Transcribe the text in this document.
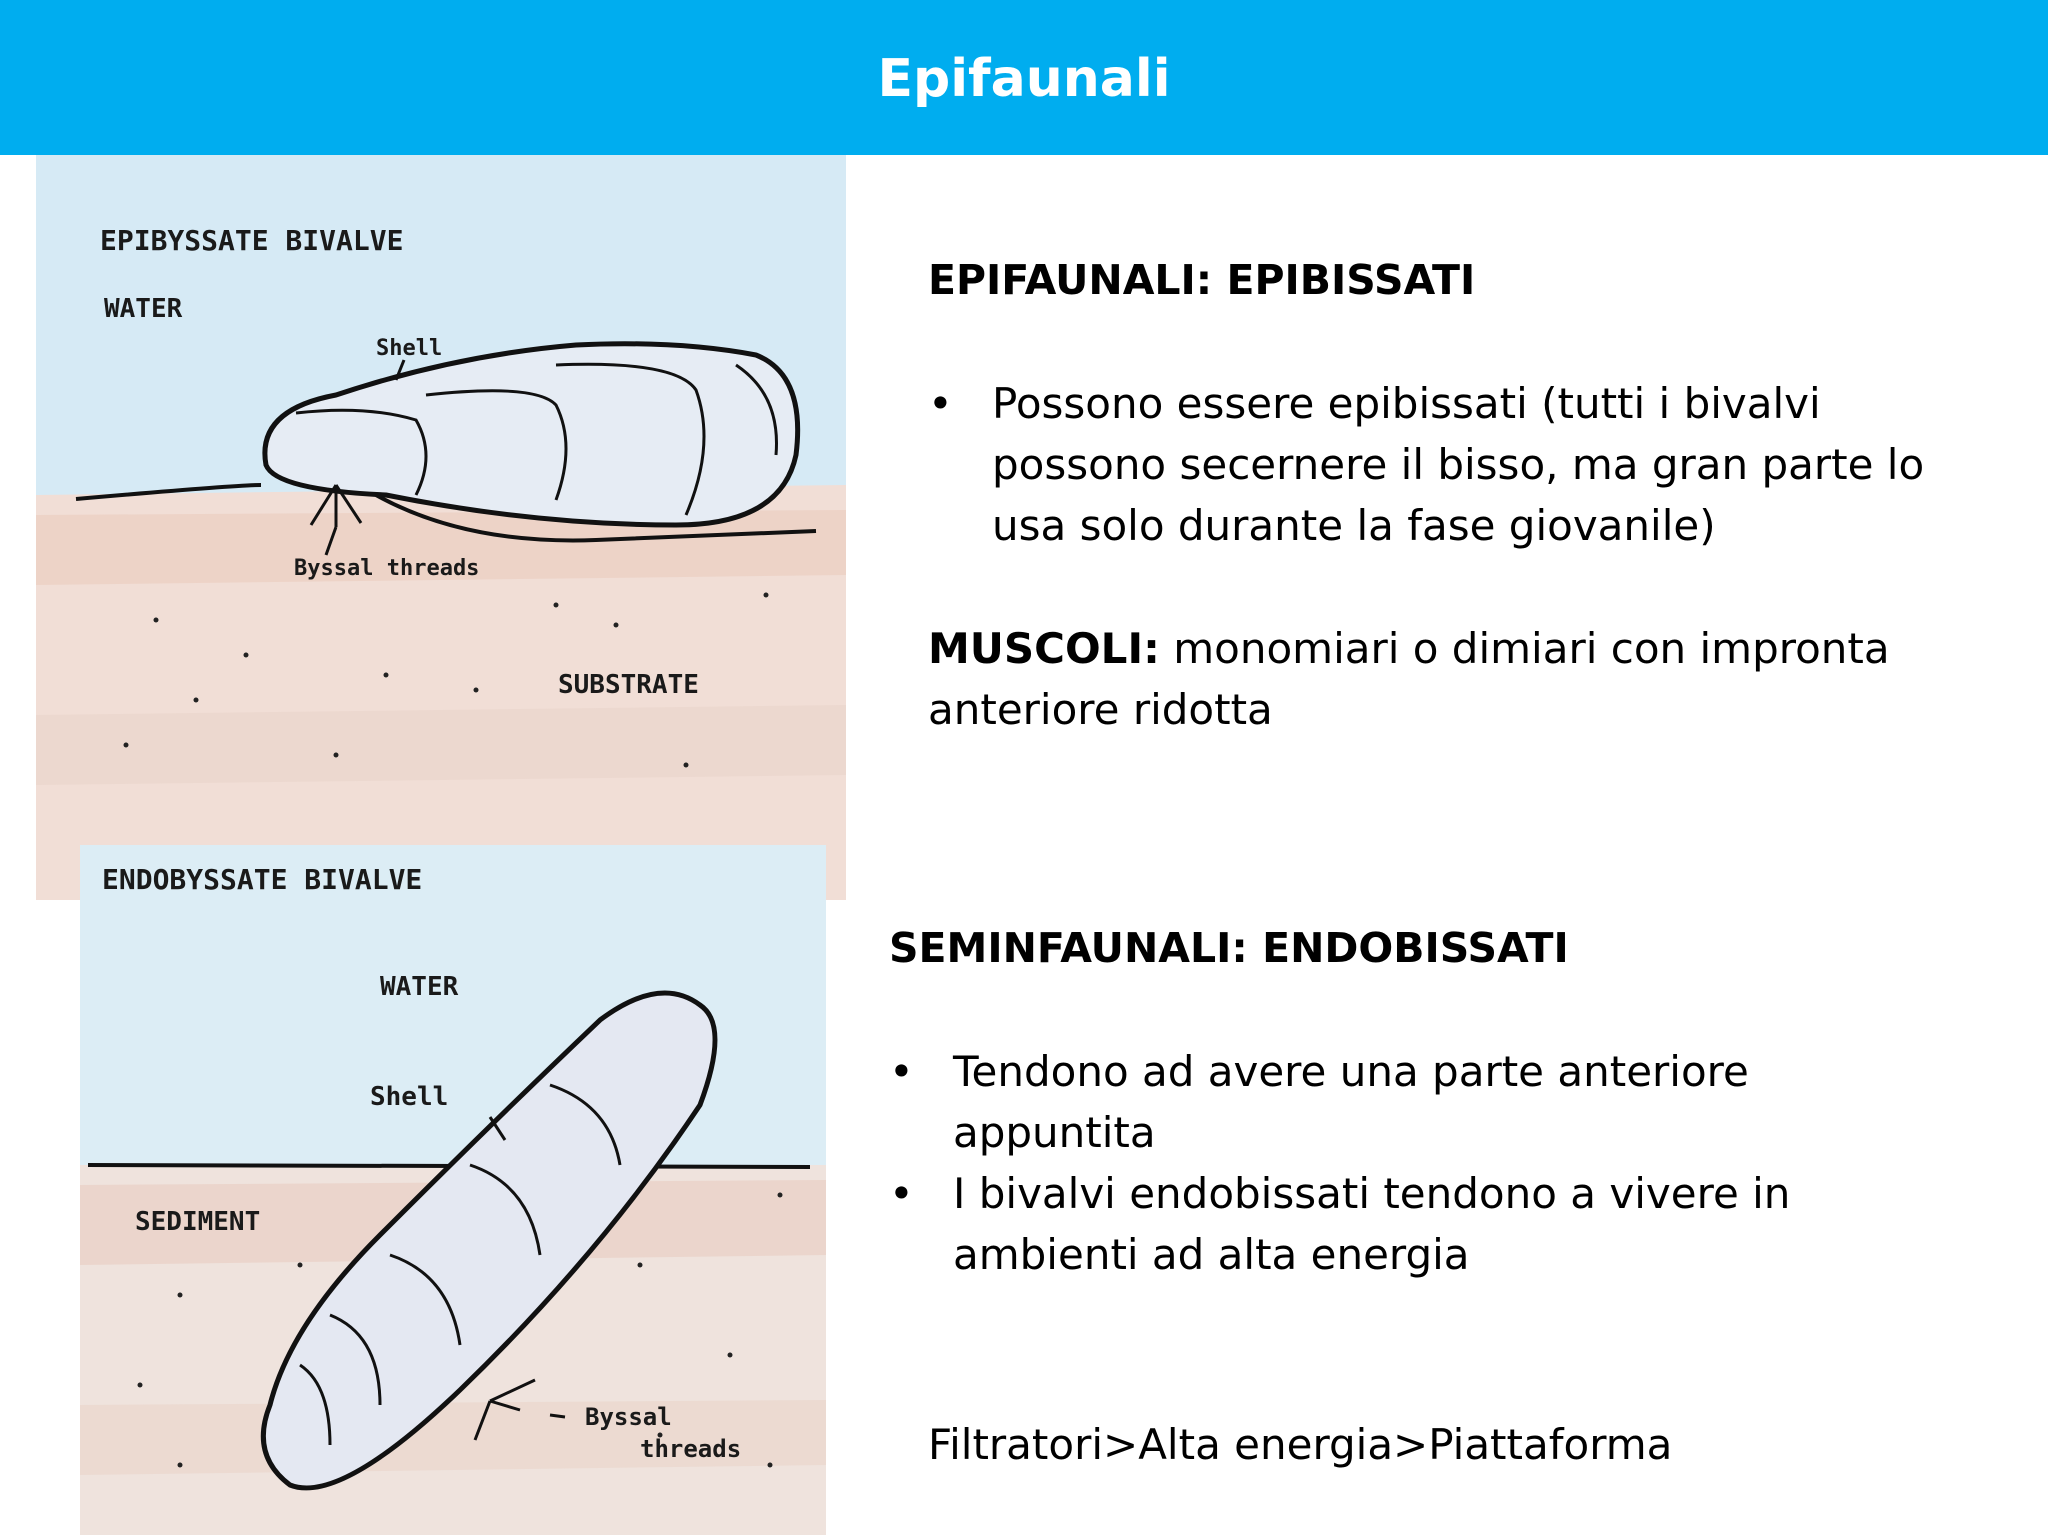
Epifaunali
EPIBYSSATE BIVALVE
WATER
Shell
Byssal threads
SUBSTRATE
ENDOBYSSATE BIVALVE
WATER
Shell
SEDIMENT
Byssal
threads

EPIFAUNALI: EPIBISSATI

• Possono essere epibissati (tutti i bivalvi possono secernere il bisso, ma gran parte lo usa solo durante la fase giovanile)

MUSCOLI: monomiari o dimiari con impronta anteriore ridotta

SEMINFAUNALI: ENDOBISSATI

• Tendono ad avere una parte anteriore appuntita
• I bivalvi endobissati tendono a vivere in ambienti ad alta energia
Filtratori>Alta energia>Piattaforma
